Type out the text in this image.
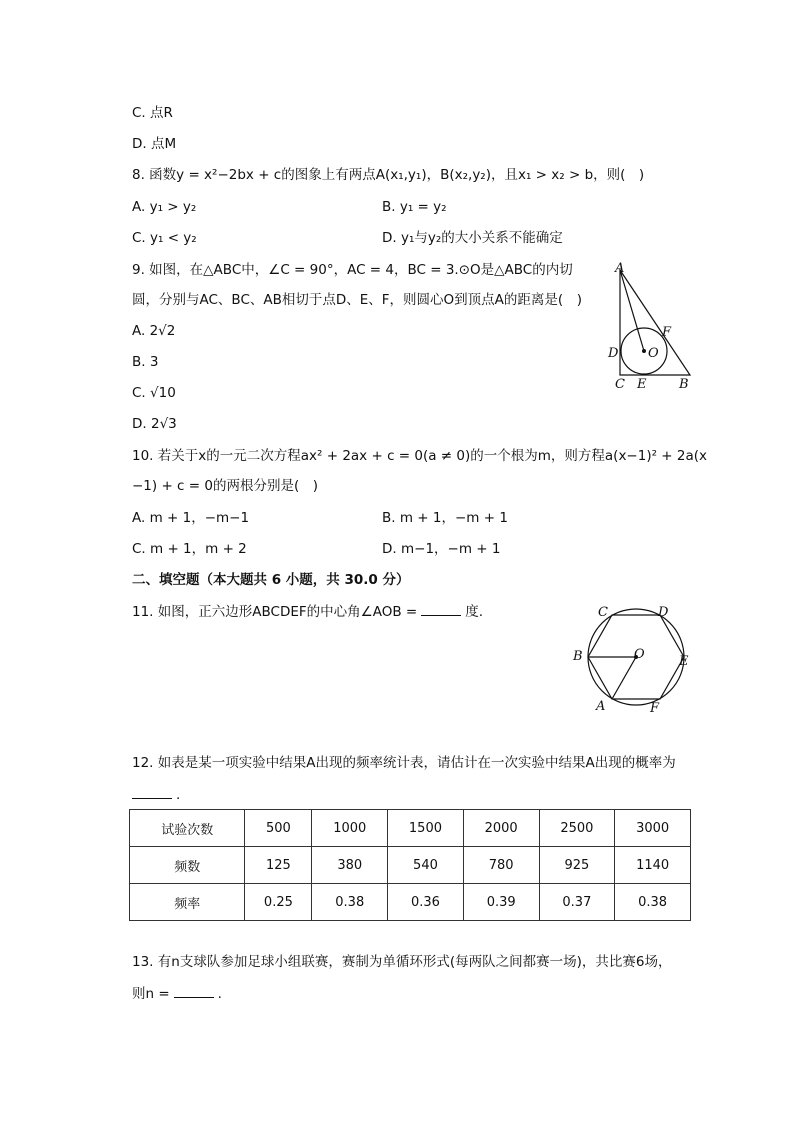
C. 点R
D. 点M
8. 函数y = x²−2bx + c的图象上有两点A(x₁,y₁)，B(x₂,y₂)，且x₁ > x₂ > b，则(　)
A. y₁ > y₂	B. y₁ = y₂
C. y₁ < y₂	D. y₁与y₂的大小关系不能确定
9. 如图，在△ABC中，∠C = 90°，AC = 4，BC = 3.⊙O是△ABC的内切
圆，分别与AC、BC、AB相切于点D、E、F，则圆心O到顶点A的距离是(　)
A. 2√2
B. 3
C. √10
D. 2√3
A
F
D O
C E	B
10. 若关于x的一元二次方程ax² + 2ax + c = 0(a ≠ 0)的一个根为m，则方程a(x−1)² + 2a(x
−1) + c = 0的两根分别是(　)
A. m + 1，−m−1	B. m + 1，−m + 1
C. m + 1，m + 2	D. m−1，−m + 1
二、填空题（本大题共 6 小题，共 30.0 分）
11. 如图，正六边形ABCDEF的中心角∠AOB =	度.	C	D
B	O	E
A	F
12. 如表是某一项实验中结果A出现的频率统计表，请估计在一次实验中结果A出现的概率为
.
试验次数	500	1000	1500	2000	2500	3000
频数	125	380	540	780	925	1140
频率	0.25	0.38	0.36	0.39	0.37	0.38
13. 有n支球队参加足球小组联赛，赛制为单循环形式(每两队之间都赛一场)，共比赛6场，
则n =	.
